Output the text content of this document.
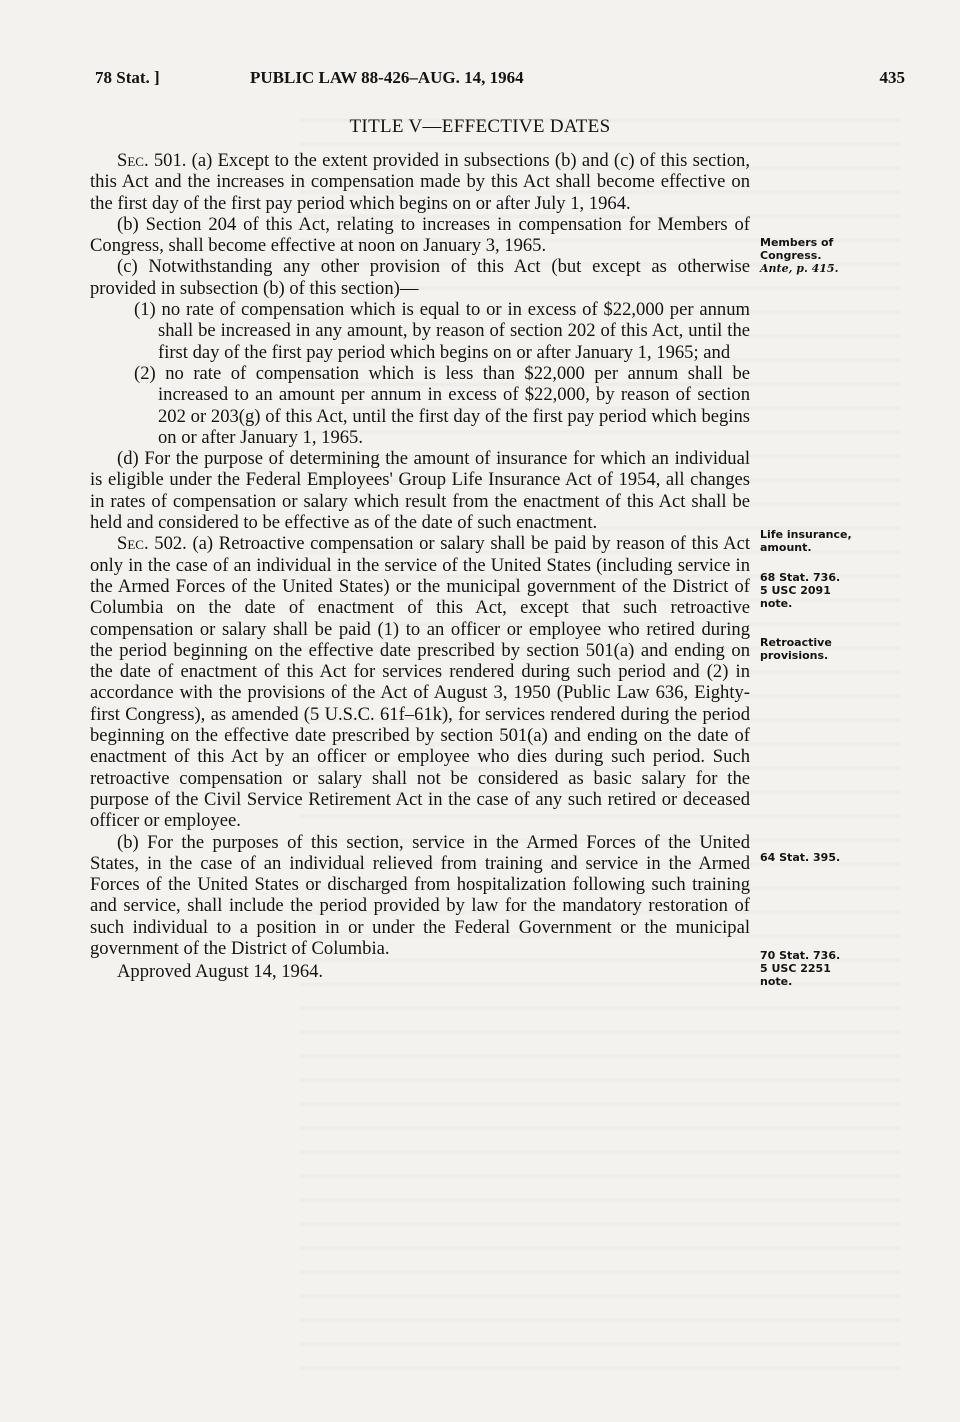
78 Stat. ]	PUBLIC LAW 88-426–AUG. 14, 1964	435
TITLE V—EFFECTIVE DATES

Sec. 501. (a) Except to the extent provided in subsections (b) and (c) of this section, this Act and the increases in compensation made by this Act shall become effective on the first day of the first pay period which begins on or after July 1, 1964.

(b) Section 204 of this Act, relating to increases in compensation for Members of Congress, shall become effective at noon on January 3, 1965.

(c) Notwithstanding any other provision of this Act (but except as otherwise provided in subsection (b) of this section)—

(1) no rate of compensation which is equal to or in excess of $22,000 per annum shall be increased in any amount, by reason of section 202 of this Act, until the first day of the first pay period which begins on or after January 1, 1965; and

(2) no rate of compensation which is less than $22,000 per annum shall be increased to an amount per annum in excess of $22,000, by reason of section 202 or 203(g) of this Act, until the first day of the first pay period which begins on or after January 1, 1965.

(d) For the purpose of determining the amount of insurance for which an individual is eligible under the Federal Employees' Group Life Insurance Act of 1954, all changes in rates of compensation or salary which result from the enactment of this Act shall be held and considered to be effective as of the date of such enactment.

Sec. 502. (a) Retroactive compensation or salary shall be paid by reason of this Act only in the case of an individual in the service of the United States (including service in the Armed Forces of the United States) or the municipal government of the District of Columbia on the date of enactment of this Act, except that such retroactive compensation or salary shall be paid (1) to an officer or employee who retired during the period beginning on the effective date prescribed by section 501(a) and ending on the date of enactment of this Act for services rendered during such period and (2) in accordance with the provisions of the Act of August 3, 1950 (Public Law 636, Eighty-first Congress), as amended (5 U.S.C. 61f–61k), for services rendered during the period beginning on the effective date prescribed by section 501(a) and ending on the date of enactment of this Act by an officer or employee who dies during such period. Such retroactive compensation or salary shall not be considered as basic salary for the purpose of the Civil Service Retirement Act in the case of any such retired or deceased officer or employee.

(b) For the purposes of this section, service in the Armed Forces of the United States, in the case of an individual relieved from training and service in the Armed Forces of the United States or discharged from hospitalization following such training and service, shall include the period provided by law for the mandatory restoration of such individual to a position in or under the Federal Government or the municipal government of the District of Columbia.

Approved August 14, 1964.

Members of
Congress.
Ante, p. 415.
Life insurance,
amount.
68 Stat. 736.
5 USC 2091
note.
Retroactive
provisions.
64 Stat. 395.
70 Stat. 736.
5 USC 2251
note.
